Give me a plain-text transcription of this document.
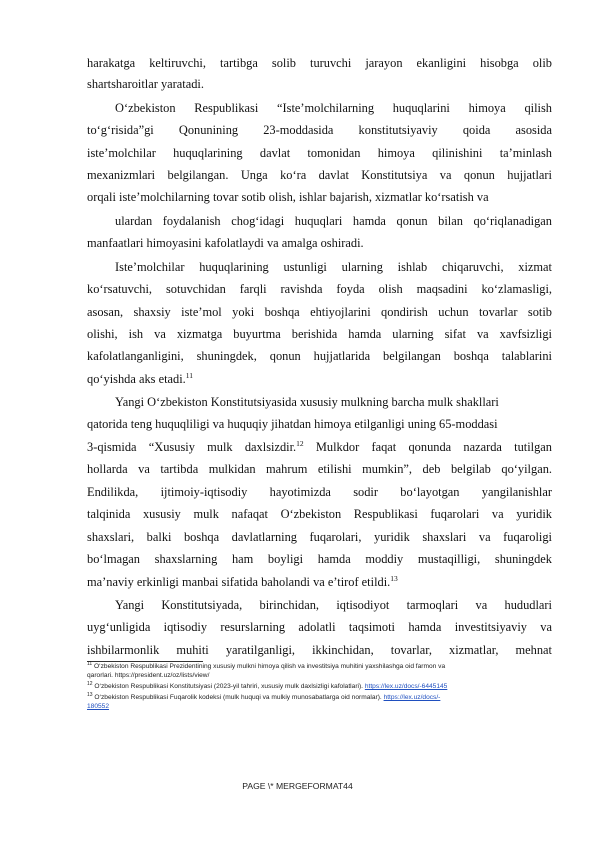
harakatga keltiruvchi, tartibga solib turuvchi jarayon ekanligini hisobga olib
shartsharoitlar yaratadi.
O‘zbekiston Respublikasi “Iste’molchilarning huquqlarini himoya qilish
to‘g‘risida”gi Qonunining 23-moddasida konstitutsiyaviy qoida asosida
iste’molchilar huquqlarining davlat tomonidan himoya qilinishini ta’minlash
mexanizmlari belgilangan. Unga ko‘ra davlat Konstitutsiya va qonun hujjatlari
orqali iste’molchilarning tovar sotib olish, ishlar bajarish, xizmatlar ko‘rsatish va
ulardan foydalanish chog‘idagi huquqlari hamda qonun bilan qo‘riqlanadigan
manfaatlari himoyasini kafolatlaydi va amalga oshiradi.
Iste’molchilar huquqlarining ustunligi ularning ishlab chiqaruvchi, xizmat
ko‘rsatuvchi, sotuvchidan farqli ravishda foyda olish maqsadini ko‘zlamasligi,
asosan, shaxsiy iste’mol yoki boshqa ehtiyojlarini qondirish uchun tovarlar sotib
olishi, ish va xizmatga buyurtma berishida hamda ularning sifat va xavfsizligi
kafolatlanganligini, shuningdek, qonun hujjatlarida belgilangan boshqa talablarini
qo‘yishda aks etadi.$^{11}$
Yangi O‘zbekiston Konstitutsiyasida xususiy mulkning barcha mulk shakllari
qatorida teng huquqliligi va huquqiy jihatdan himoya etilganligi uning 65-moddasi
3-qismida “Xususiy mulk daxlsizdir.$^{12}$ Mulkdor faqat qonunda nazarda tutilgan
hollarda va tartibda mulkidan mahrum etilishi mumkin”, deb belgilab qo‘yilgan.
Endilikda, ijtimoiy-iqtisodiy hayotimizda sodir bo‘layotgan yangilanishlar
talqinida xususiy mulk nafaqat O‘zbekiston Respublikasi fuqarolari va yuridik
shaxslari, balki boshqa davlatlarning fuqarolari, yuridik shaxslari va fuqaroligi
bo‘lmagan shaxslarning ham boyligi hamda moddiy mustaqilligi, shuningdek
ma’naviy erkinligi manbai sifatida baholandi va e’tirof etildi.$^{13}$
Yangi Konstitutsiyada, birinchidan, iqtisodiyot tarmoqlari va hududlari
uyg‘unligida iqtisodiy resurslarning adolatli taqsimoti hamda investitsiyaviy va
ishbilarmonlik muhiti yaratilganligi, ikkinchidan, tovarlar, xizmatlar, mehnat
$^{11}$ O‘zbekiston Respublikasi Prezidentining xususiy mulkni himoya qilish va investitsiya muhitini yaxshilashga oid farmon va
qarorlari. https://president.uz/oz/lists/view/
$^{12}$ O‘zbekiston Respublikasi Konstitutsiyasi (2023-yil tahriri, xususiy mulk daxlsizligi kafolatlari). https://lex.uz/docs/-6445145
$^{13}$ O‘zbekiston Respublikasi Fuqarolik kodeksi (mulk huquqi va mulkiy munosabatlarga oid normalar). https://lex.uz/docs/-
180552
PAGE \* MERGEFORMAT44
